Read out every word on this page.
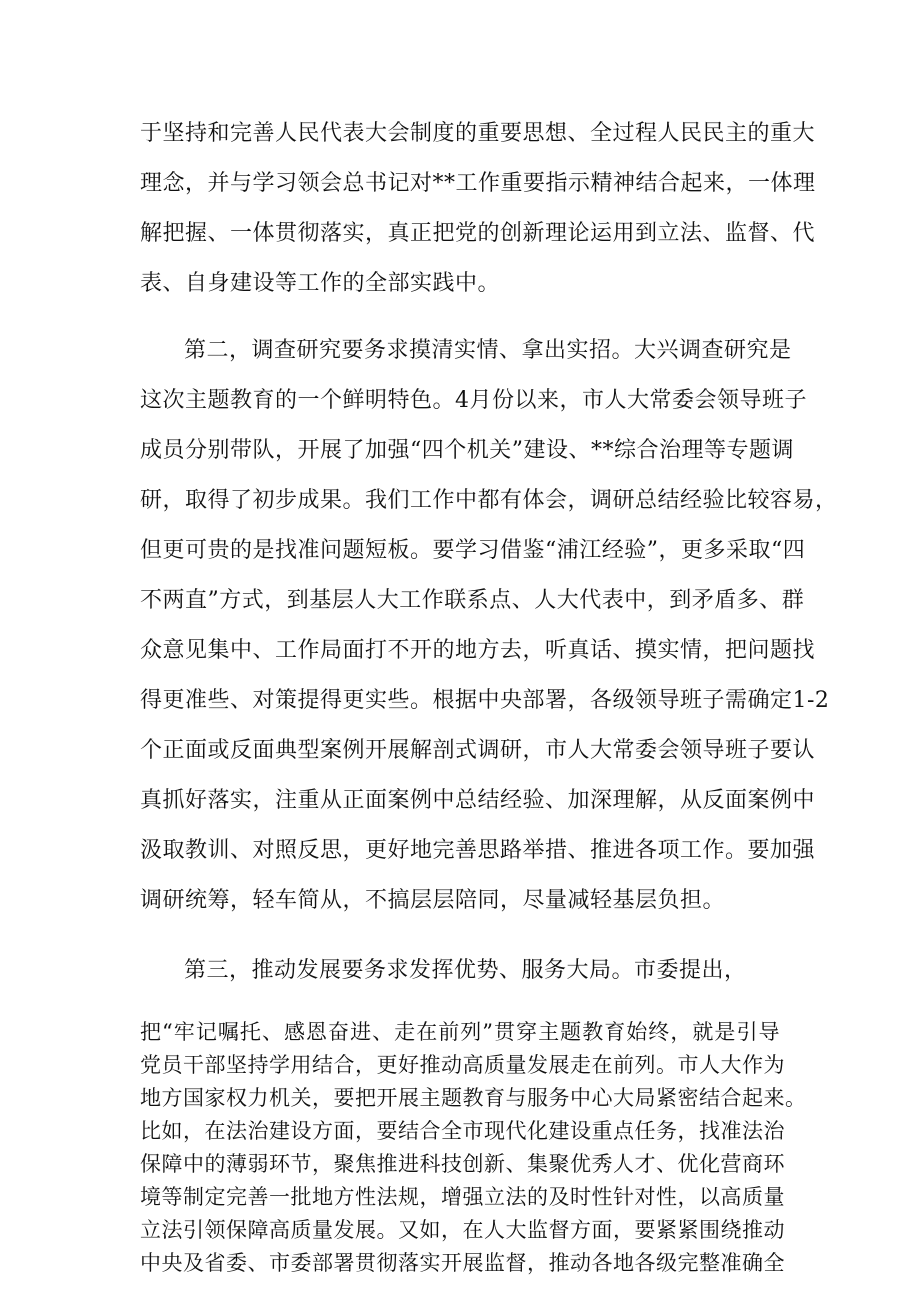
于坚持和完善人民代表大会制度的重要思想、全过程人民民主的重大
理念，并与学习领会总书记对**工作重要指示精神结合起来，一体理
解把握、一体贯彻落实，真正把党的创新理论运用到立法、监督、代
表、自身建设等工作的全部实践中。
第二，调查研究要务求摸清实情、拿出实招。大兴调查研究是
这次主题教育的一个鲜明特色。4月份以来，市人大常委会领导班子
成员分别带队，开展了加强“四个机关”建设、**综合治理等专题调
研，取得了初步成果。我们工作中都有体会，调研总结经验比较容易，
但更可贵的是找准问题短板。要学习借鉴“浦江经验”，更多采取“四
不两直”方式，到基层人大工作联系点、人大代表中，到矛盾多、群
众意见集中、工作局面打不开的地方去，听真话、摸实情，把问题找
得更准些、对策提得更实些。根据中央部署，各级领导班子需确定1-2
个正面或反面典型案例开展解剖式调研，市人大常委会领导班子要认
真抓好落实，注重从正面案例中总结经验、加深理解，从反面案例中
汲取教训、对照反思，更好地完善思路举措、推进各项工作。要加强
调研统筹，轻车简从，不搞层层陪同，尽量减轻基层负担。
第三，推动发展要务求发挥优势、服务大局。市委提出，
把“牢记嘱托、感恩奋进、走在前列”贯穿主题教育始终，就是引导
党员干部坚持学用结合，更好推动高质量发展走在前列。市人大作为
地方国家权力机关，要把开展主题教育与服务中心大局紧密结合起来。
比如，在法治建设方面，要结合全市现代化建设重点任务，找准法治
保障中的薄弱环节，聚焦推进科技创新、集聚优秀人才、优化营商环
境等制定完善一批地方性法规，增强立法的及时性针对性，以高质量
立法引领保障高质量发展。又如，在人大监督方面，要紧紧围绕推动
中央及省委、市委部署贯彻落实开展监督，推动各地各级完整准确全
